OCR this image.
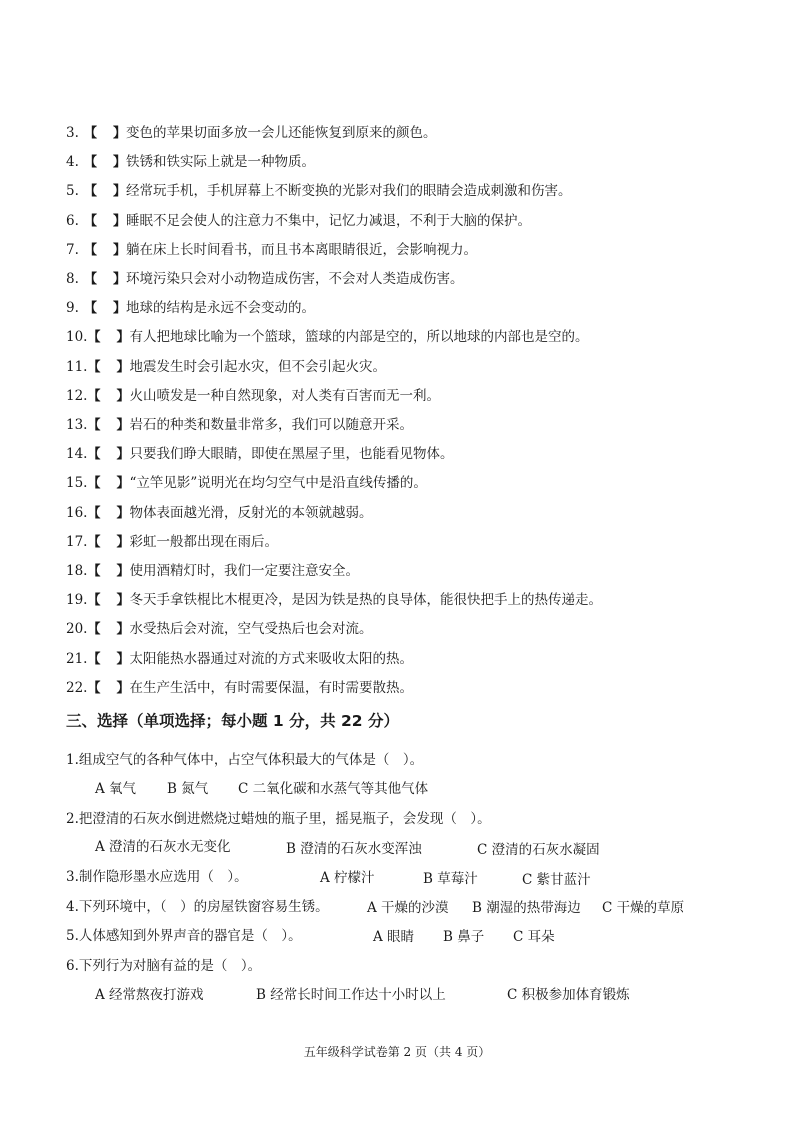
3. 【 】变色的苹果切面多放一会儿还能恢复到原来的颜色。
4. 【 】铁锈和铁实际上就是一种物质。
5. 【 】经常玩手机，手机屏幕上不断变换的光影对我们的眼睛会造成刺激和伤害。
6. 【 】睡眠不足会使人的注意力不集中，记忆力减退，不利于大脑的保护。
7. 【 】躺在床上长时间看书，而且书本离眼睛很近，会影响视力。
8. 【 】环境污染只会对小动物造成伤害，不会对人类造成伤害。
9. 【 】地球的结构是永远不会变动的。
10.【 】有人把地球比喻为一个篮球，篮球的内部是空的，所以地球的内部也是空的。
11.【 】地震发生时会引起水灾，但不会引起火灾。
12.【 】火山喷发是一种自然现象，对人类有百害而无一利。
13.【 】岩石的种类和数量非常多，我们可以随意开采。
14.【 】只要我们睁大眼睛，即使在黑屋子里，也能看见物体。
15.【 】“立竿见影”说明光在均匀空气中是沿直线传播的。
16.【 】物体表面越光滑，反射光的本领就越弱。
17.【 】彩虹一般都出现在雨后。
18.【 】使用酒精灯时，我们一定要注意安全。
19.【 】冬天手拿铁棍比木棍更冷，是因为铁是热的良导体，能很快把手上的热传递走。
20.【 】水受热后会对流，空气受热后也会对流。
21.【 】太阳能热水器通过对流的方式来吸收太阳的热。
22.【 】在生产生活中，有时需要保温，有时需要散热。
三、选择（单项选择；每小题 1 分，共 22 分）
1.组成空气的各种气体中，占空气体积最大的气体是（　）。
A 氧气 B 氮气 C 二氧化碳和水蒸气等其他气体
2.把澄清的石灰水倒进燃烧过蜡烛的瓶子里，摇晃瓶子，会发现（　）。
A 澄清的石灰水无变化	B 澄清的石灰水变浑浊	C 澄清的石灰水凝固
3.制作隐形墨水应选用（　）。	A 柠檬汁	B 草莓汁	C 紫甘蓝汁
4.下列环境中，（　）的房屋铁窗容易生锈。	A 干燥的沙漠 B 潮湿的热带海边 C 干燥的草原
5.人体感知到外界声音的器官是（　）。	A 眼睛 B 鼻子 C 耳朵
6.下列行为对脑有益的是（　）。
A 经常熬夜打游戏	B 经常长时间工作达十小时以上	C 积极参加体育锻炼
五年级科学试卷第 2 页（共 4 页）
